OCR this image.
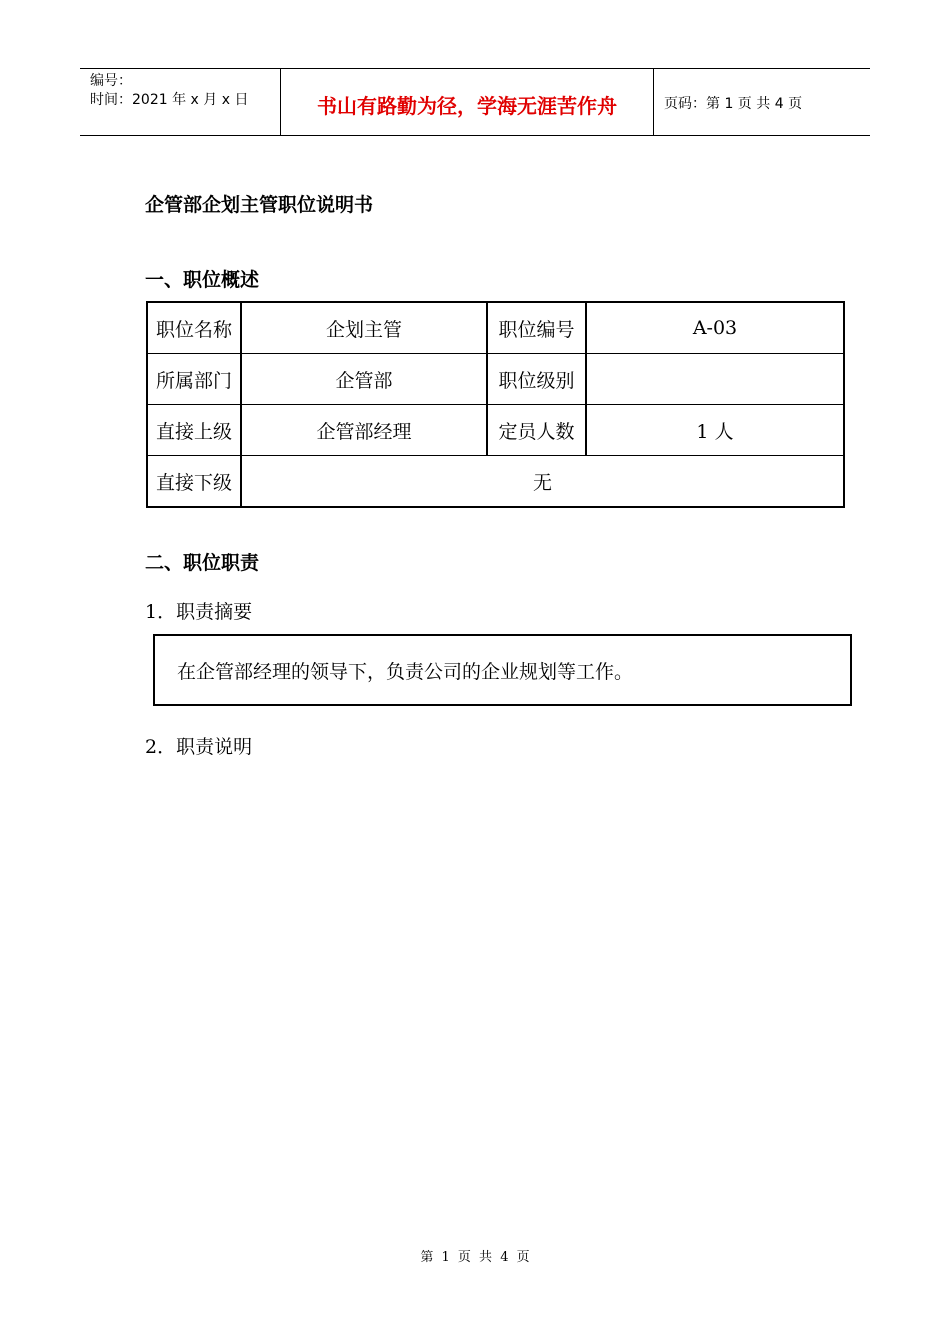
编号：
时间：2021 年 x 月 x 日	书山有路勤为径，学海无涯苦作舟	页码：第 1 页 共 4 页
企管部企划主管职位说明书
一、职位概述
职位名称	企划主管	职位编号	A-03
所属部门	企管部	职位级别	
直接上级	企管部经理	定员人数	1 人
直接下级	无		
二、职位职责
1．职责摘要
在企管部经理的领导下，负责公司的企业规划等工作。
2．职责说明
第 1 页 共 4 页
